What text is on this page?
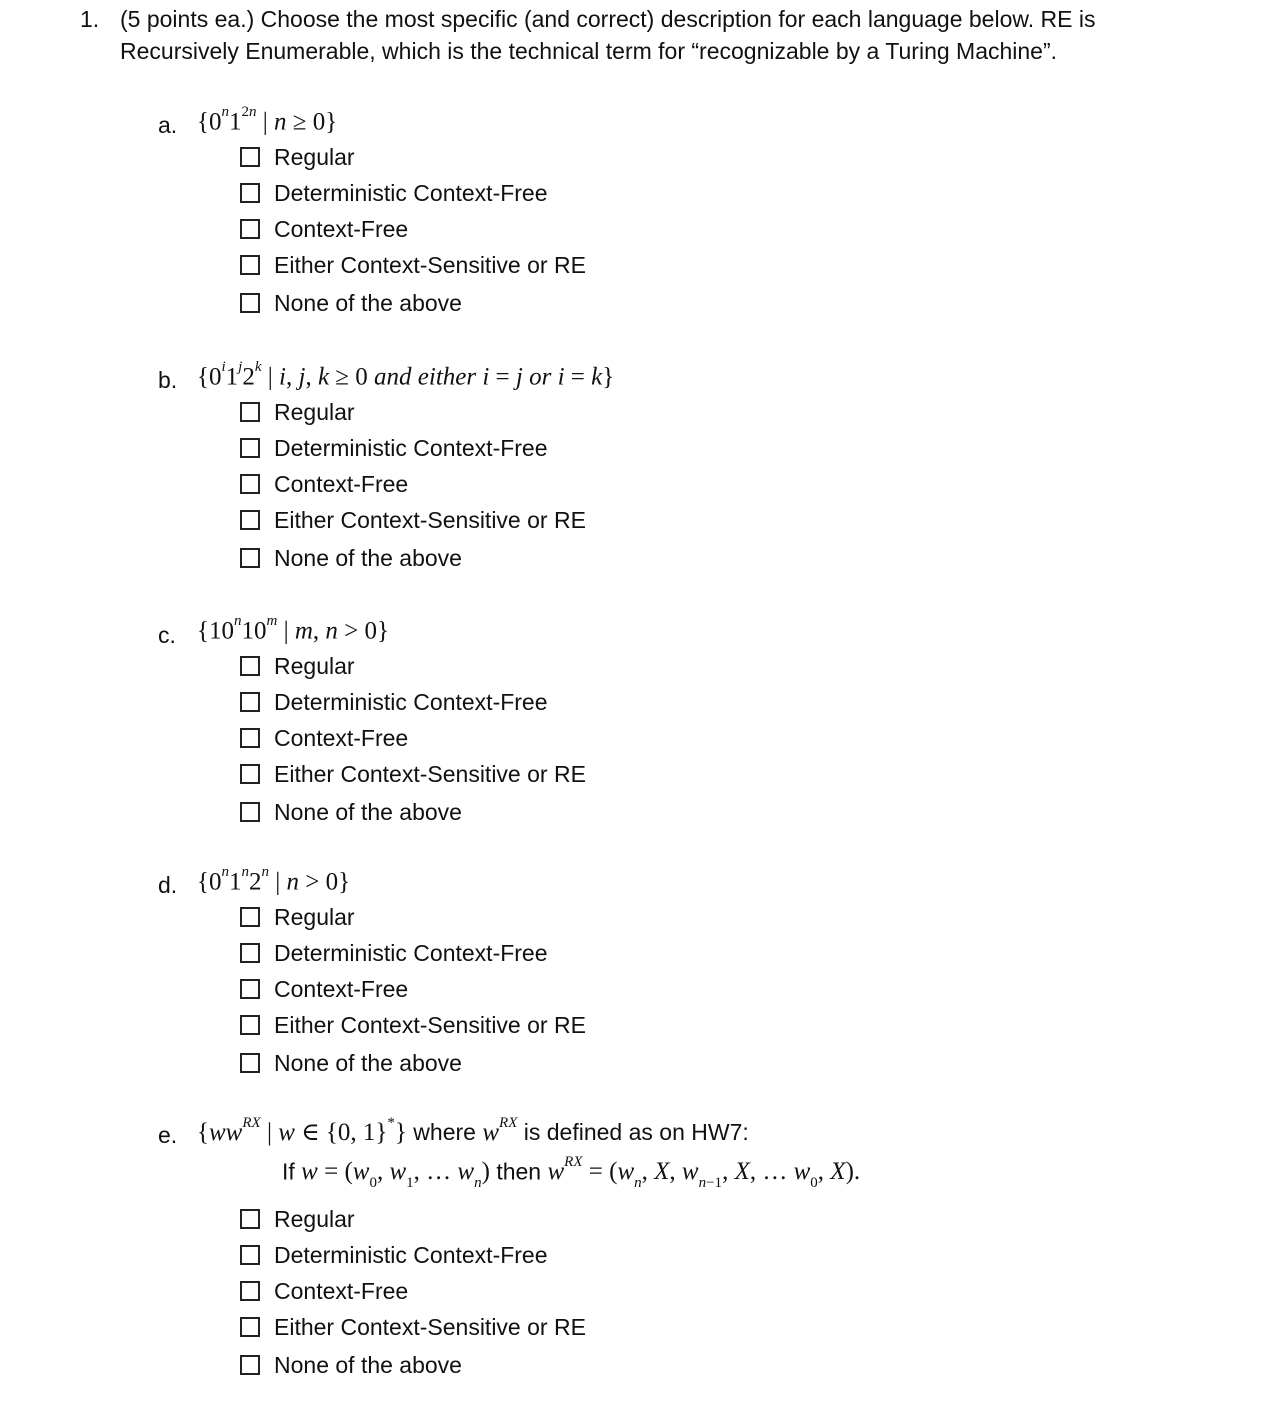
1. (5 points ea.) Choose the most specific (and correct) description for each language below. RE is
Recursively Enumerable, which is the technical term for “recognizable by a Turing Machine”.
a. {$0^n1^{2n}$ | n ≥ 0}
b. {0$^i$1$^j$2$^k$ | i, j, k ≥ 0 and either i = j or i = k}
c. {10$^n$10$^m$ | m, n > 0}
d. {0$^n$1$^n$2$^n$ | n > 0}
e. {$ww^{RX}$ | w ∈ {0, 1}*} where $w^{RX}$ is defined as on HW7:
If $w = (w_0$, $w_1$, … $w_n$) then $w^{RX} = (w_n$, X, $w_{n-1}$, X, … $w_0$, X).
Regular
Deterministic Context-Free
Context-Free
Either Context-Sensitive or RE
None of the above
Regular
Deterministic Context-Free
Context-Free
Either Context-Sensitive or RE
None of the above
Regular
Deterministic Context-Free
Context-Free
Either Context-Sensitive or RE
None of the above
Regular
Deterministic Context-Free
Context-Free
Either Context-Sensitive or RE
None of the above
Regular
Deterministic Context-Free
Context-Free
Either Context-Sensitive or RE
None of the above
